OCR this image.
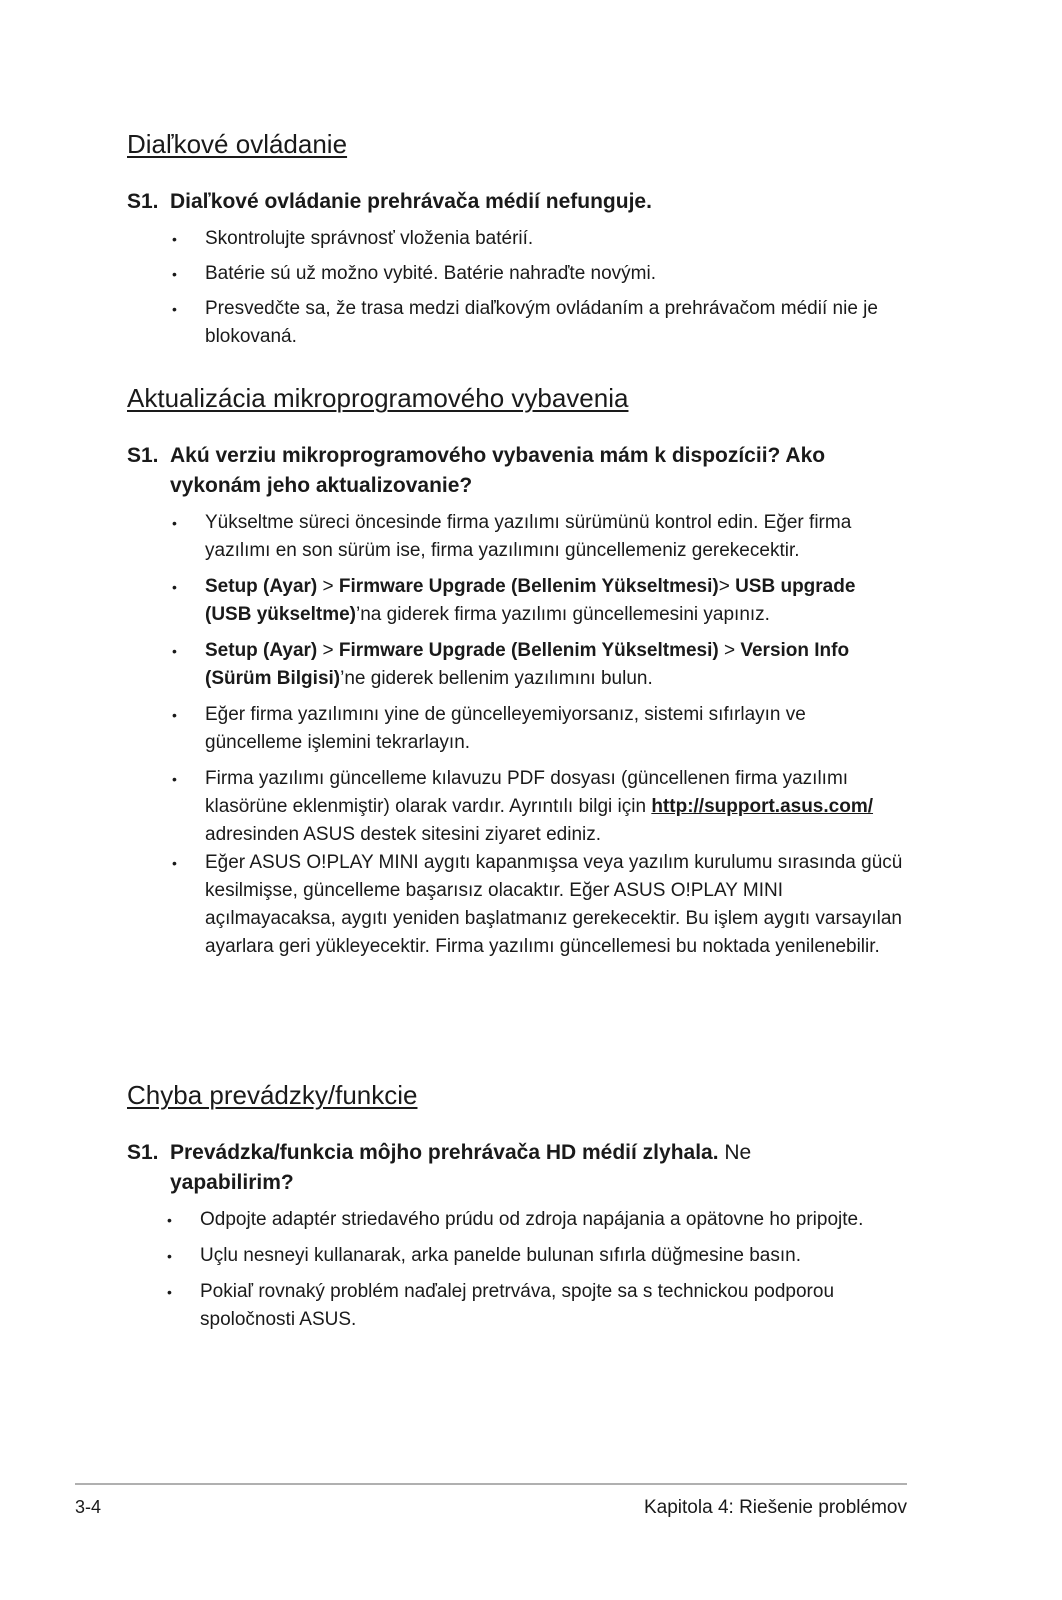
Diaľkové ovládanie

S1. Diaľkové ovládanie prehrávača médií nefunguje.

• Skontrolujte správnosť vloženia batérií.
• Batérie sú už možno vybité. Batérie nahraďte novými.
• Presvedčte sa, že trasa medzi diaľkovým ovládaním a prehrávačom médií nie je blokovaná.
Aktualizácia mikroprogramového vybavenia

S1. Akú verziu mikroprogramového vybavenia mám k dispozícii? Ako
vykonám jeho aktualizovanie?

• Yükseltme süreci öncesinde firma yazılımı sürümünü kontrol edin. Eğer firma yazılımı en son sürüm ise, firma yazılımını güncellemeniz gerekecektir.
• Setup (Ayar) > Firmware Upgrade (Bellenim Yükseltmesi)> USB upgrade (USB yükseltme)’na giderek firma yazılımı güncellemesini yapınız.
• Setup (Ayar) > Firmware Upgrade (Bellenim Yükseltmesi) > Version Info (Sürüm Bilgisi)’ne giderek bellenim yazılımını bulun.
• Eğer firma yazılımını yine de güncelleyemiyorsanız, sistemi sıfırlayın ve güncelleme işlemini tekrarlayın.
• Firma yazılımı güncelleme kılavuzu PDF dosyası (güncellenen firma yazılımı klasörüne eklenmiştir) olarak vardır. Ayrıntılı bilgi için http://support.asus.com/ adresinden ASUS destek sitesini ziyaret ediniz.
• Eğer ASUS O!PLAY MINI aygıtı kapanmışsa veya yazılım kurulumu sırasında gücü kesilmişse, güncelleme başarısız olacaktır. Eğer ASUS O!PLAY MINI açılmayacaksa, aygıtı yeniden başlatmanız gerekecektir. Bu işlem aygıtı varsayılan ayarlara geri yükleyecektir. Firma yazılımı güncellemesi bu noktada yenilenebilir.
Chyba prevádzky/funkcie

S1. Prevádzka/funkcia môjho prehrávača HD médií zlyhala. Ne
yapabilirim?

• Odpojte adaptér striedavého prúdu od zdroja napájania a opätovne ho pripojte.
• Uçlu nesneyi kullanarak, arka panelde bulunan sıfırla düğmesine basın.
• Pokiaľ rovnaký problém naďalej pretrváva, spojte sa s technickou podporou spoločnosti ASUS.
3-4	Kapitola 4: Riešenie problémov
